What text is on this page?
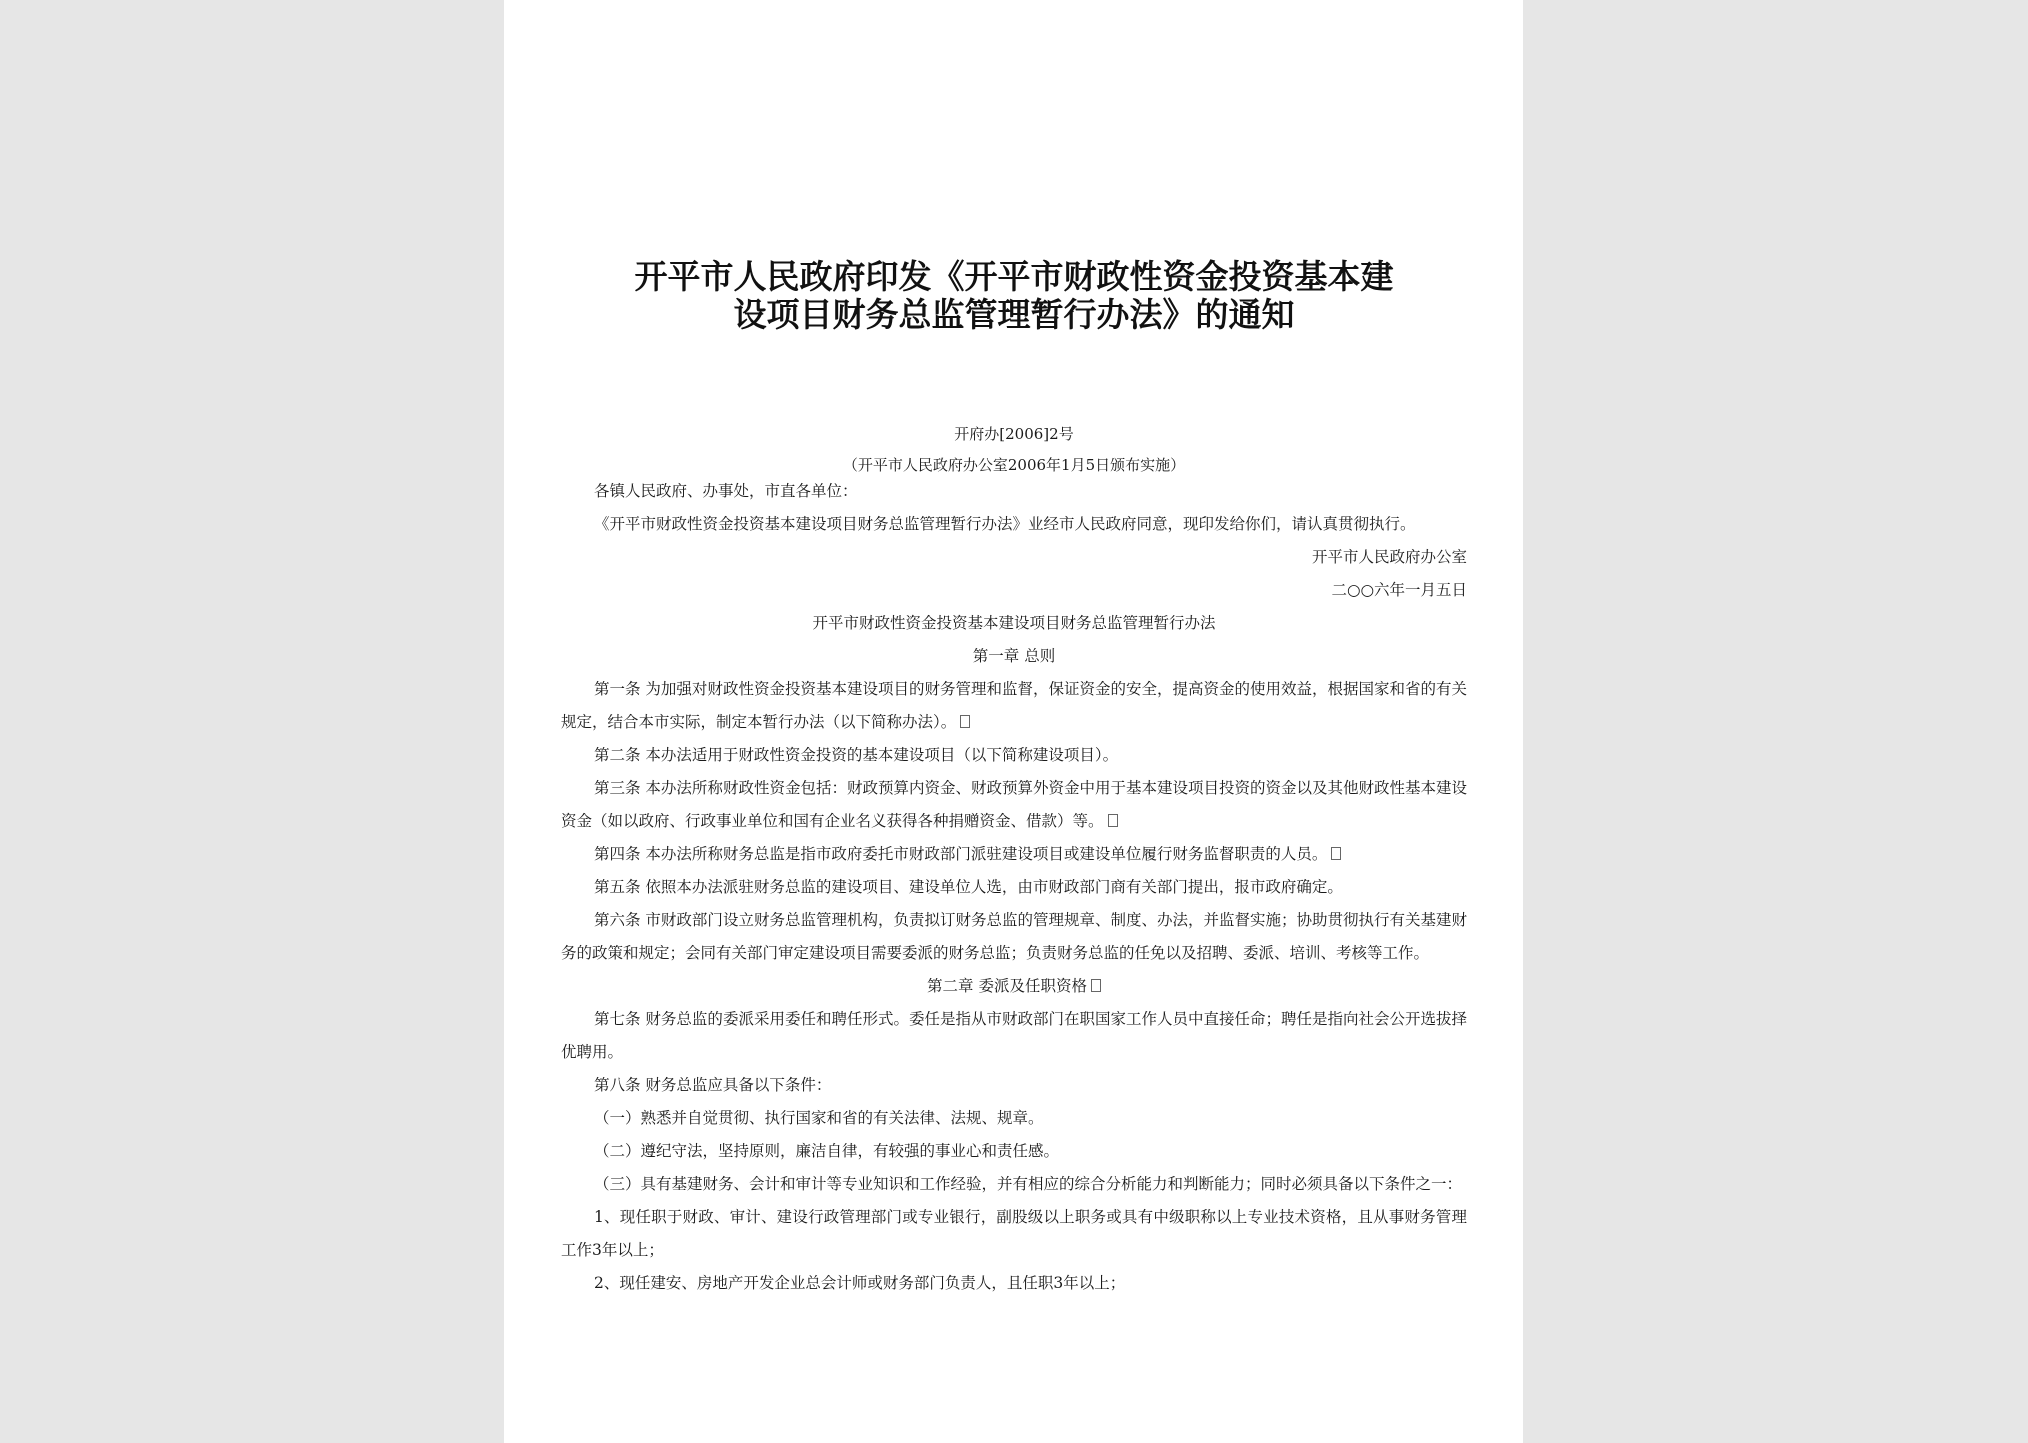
开平市人民政府印发《开平市财政性资金投资基本建
设项目财务总监管理暂行办法》的通知
开府办[2006]2号
（开平市人民政府办公室2006年1月5日颁布实施）

各镇人民政府、办事处，市直各单位：

《开平市财政性资金投资基本建设项目财务总监管理暂行办法》业经市人民政府同意，现印发给你们，请认真贯彻执行。

开平市人民政府办公室

二○○六年一月五日

开平市财政性资金投资基本建设项目财务总监管理暂行办法

第一章 总则

第一条 为加强对财政性资金投资基本建设项目的财务管理和监督，保证资金的安全，提高资金的使用效益，根据国家和省的有关规定，结合本市实际，制定本暂行办法（以下简称办法）。

第二条 本办法适用于财政性资金投资的基本建设项目（以下简称建设项目）。

第三条 本办法所称财政性资金包括：财政预算内资金、财政预算外资金中用于基本建设项目投资的资金以及其他财政性基本建设资金（如以政府、行政事业单位和国有企业名义获得各种捐赠资金、借款）等。

第四条 本办法所称财务总监是指市政府委托市财政部门派驻建设项目或建设单位履行财务监督职责的人员。

第五条 依照本办法派驻财务总监的建设项目、建设单位人选，由市财政部门商有关部门提出，报市政府确定。

第六条 市财政部门设立财务总监管理机构，负责拟订财务总监的管理规章、制度、办法，并监督实施；协助贯彻执行有关基建财务的政策和规定；会同有关部门审定建设项目需要委派的财务总监；负责财务总监的任免以及招聘、委派、培训、考核等工作。

第二章 委派及任职资格

第七条 财务总监的委派采用委任和聘任形式。委任是指从市财政部门在职国家工作人员中直接任命；聘任是指向社会公开选拔择优聘用。

第八条 财务总监应具备以下条件：

（一）熟悉并自觉贯彻、执行国家和省的有关法律、法规、规章。

（二）遵纪守法，坚持原则，廉洁自律，有较强的事业心和责任感。

（三）具有基建财务、会计和审计等专业知识和工作经验，并有相应的综合分析能力和判断能力；同时必须具备以下条件之一：

1、现任职于财政、审计、建设行政管理部门或专业银行，副股级以上职务或具有中级职称以上专业技术资格，且从事财务管理工作3年以上；

2、现任建安、房地产开发企业总会计师或财务部门负责人，且任职3年以上；
